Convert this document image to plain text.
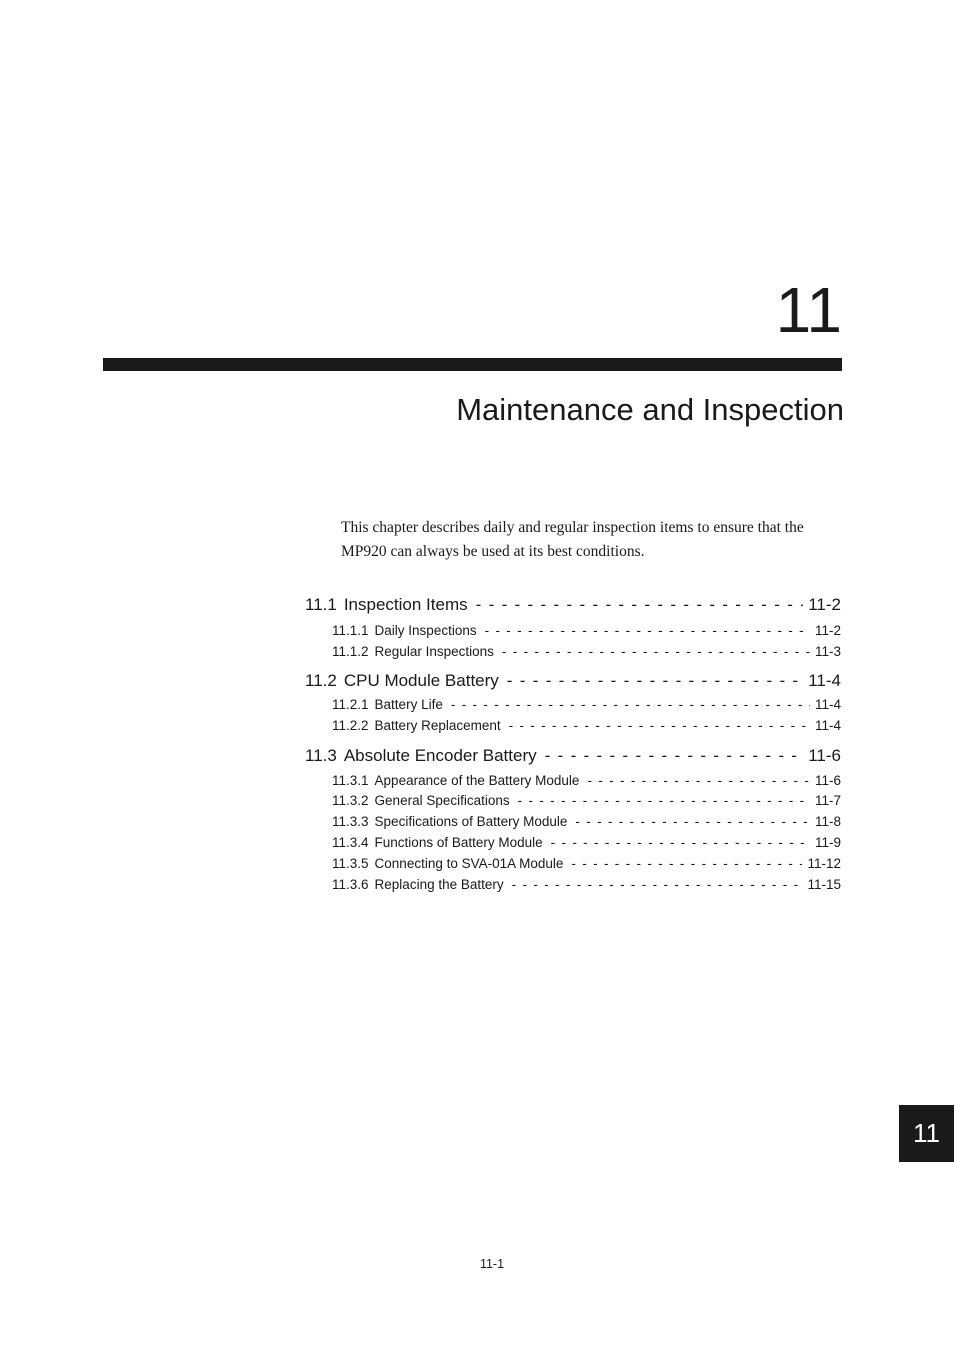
11
Maintenance and Inspection

This chapter describes daily and regular inspection items to ensure that the MP920 can always be used at its best conditions.

11.1 Inspection Items - - -	11-2
11.1.1 Daily Inspections - - -	11-2
11.1.2 Regular Inspections - - -	11-3
11.2 CPU Module Battery - - -	11-4
11.2.1 Battery Life - - -	11-4
11.2.2 Battery Replacement - - -	11-4
11.3 Absolute Encoder Battery - - -	11-6
11.3.1 Appearance of the Battery Module - - -	11-6
11.3.2 General Specifications - - -	11-7
11.3.3 Specifications of Battery Module - - -	11-8
11.3.4 Functions of Battery Module - - -	11-9
11.3.5 Connecting to SVA-01A Module - - -	11-12
11.3.6 Replacing the Battery - - -	11-15
11
11-1
